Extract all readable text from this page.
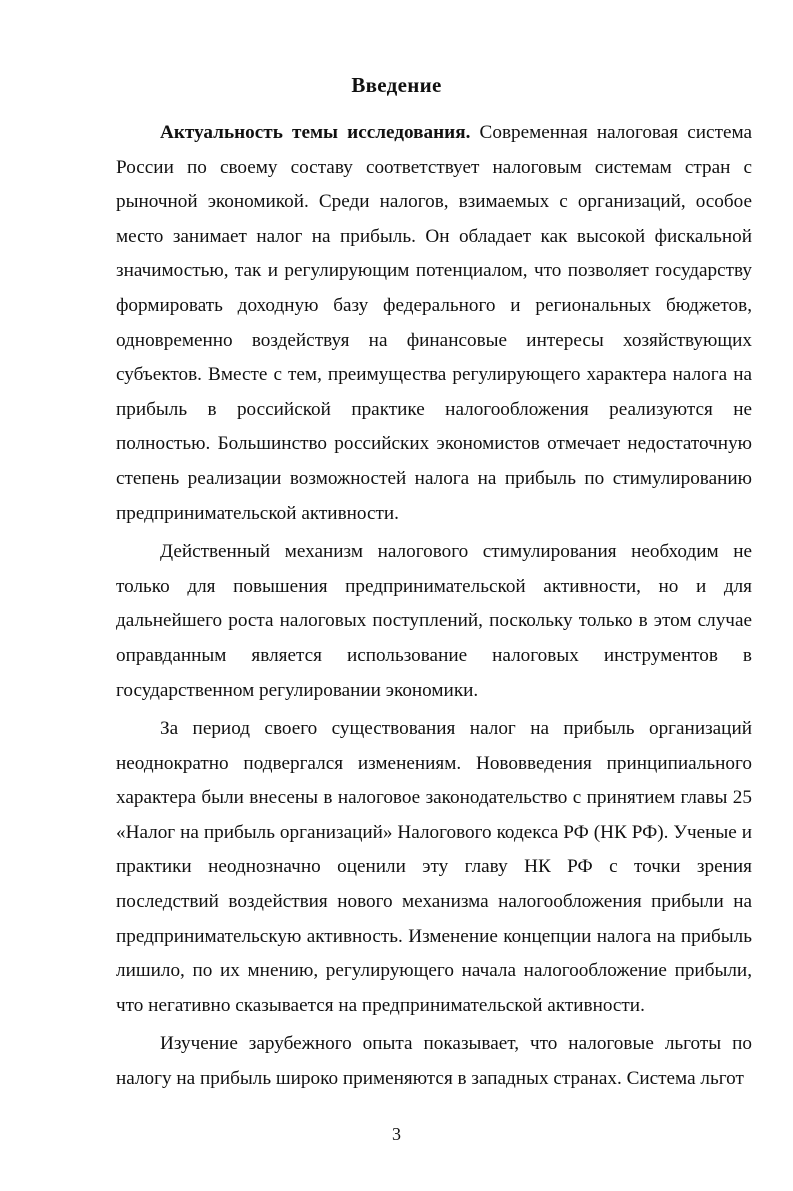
Введение

Актуальность темы исследования. Современная налоговая система России по своему составу соответствует налоговым системам стран с рыночной экономикой. Среди налогов, взимаемых с организаций, особое место занимает налог на прибыль. Он обладает как высокой фискальной значимостью, так и регулирующим потенциалом, что позволяет государству формировать доходную базу федерального и региональных бюджетов, одновременно воздействуя на финансовые интересы хозяйствующих субъектов. Вместе с тем, преимущества регулирующего характера налога на прибыль в российской практике налогообложения реализуются не полностью. Большинство российских экономистов отмечает недостаточную степень реализации возможностей налога на прибыль по стимулированию предпринимательской активности.

Действенный механизм налогового стимулирования необходим не только для повышения предпринимательской активности, но и для дальнейшего роста налоговых поступлений, поскольку только в этом случае оправданным является использование налоговых инструментов в государственном регулировании экономики.

За период своего существования налог на прибыль организаций неоднократно подвергался изменениям. Нововведения принципиального характера были внесены в налоговое законодательство с принятием главы 25 «Налог на прибыль организаций» Налогового кодекса РФ (НК РФ). Ученые и практики неоднозначно оценили эту главу НК РФ с точки зрения последствий воздействия нового механизма налогообложения прибыли на предпринимательскую активность. Изменение концепции налога на прибыль лишило, по их мнению, регулирующего начала налогообложение прибыли, что негативно сказывается на предпринимательской активности.

Изучение зарубежного опыта показывает, что налоговые льготы по налогу на прибыль широко применяются в западных странах. Система льгот

3
